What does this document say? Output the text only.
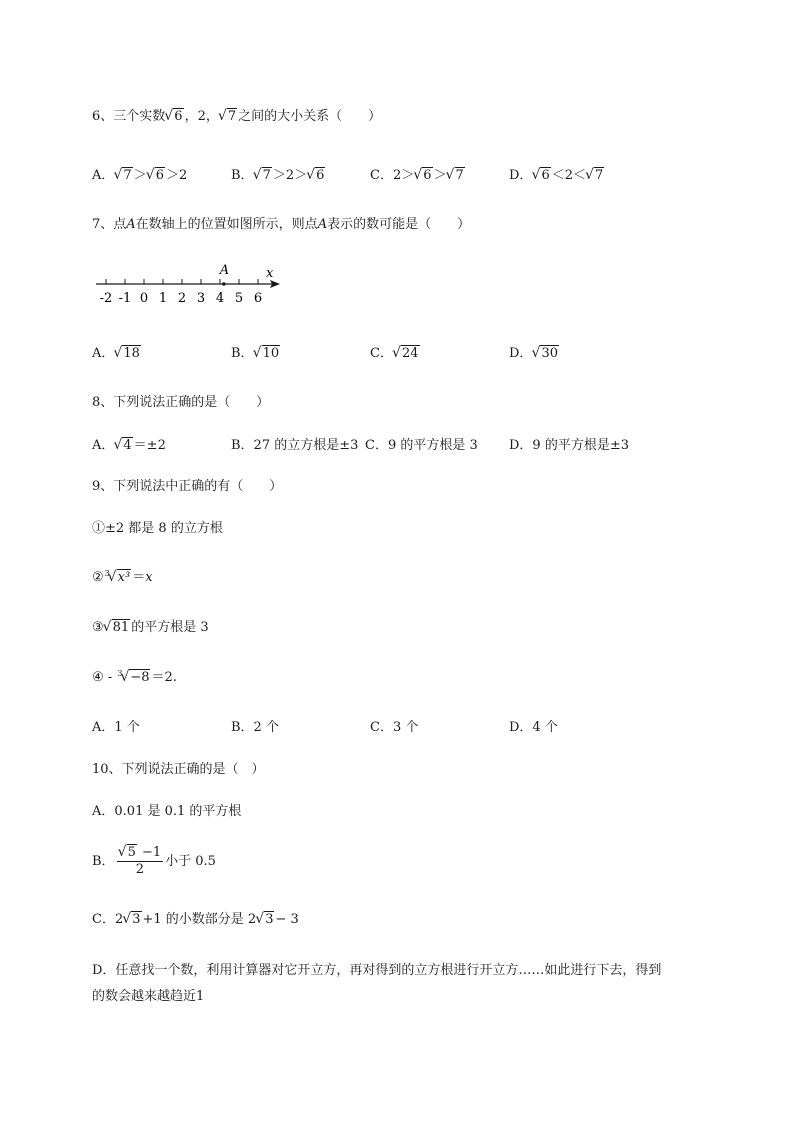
6、三个实数 √ 6 ，2， √ 7 之间的大小关系（　　）
A． √ 7 ＞ √ 6 ＞2	B． √ 7 ＞2＞ √ 6	C．2＞ √ 6 ＞ √ 7	D． √ 6 ＜2＜ √ 7
7、点A在数轴上的位置如图所示，则点A表示的数可能是（　　）
-2 -1 0 1 2 3 4 5 6
A	x
A． √ 18	B． √ 10	C． √ 24	D． √ 30
8、下列说法正确的是（　　）
A． √ 4 ＝±2	B．27 的立方根是±3 C．9 的平方根是 3 D．9 的平方根是±3
9、下列说法中正确的有（　　）
①±2 都是 8 的立方根
② √ 3 x³ ＝x
③ √ 81 的平方根是 3
④ - √ 3 −8 ＝2.
A．1 个	B．2 个	C．3 个	D．4 个
10、下列说法正确的是（　）
A．0.01 是 0.1 的平方根
B． √ $\frac{5 -1}{2}$ 小于 0.5
C．2 √ 3 +1 的小数部分是 2 √ 3 − 3
D．任意找一个数，利用计算器对它开立方，再对得到的立方根进行开立方……如此进行下去，得到
的数会越来越趋近1
